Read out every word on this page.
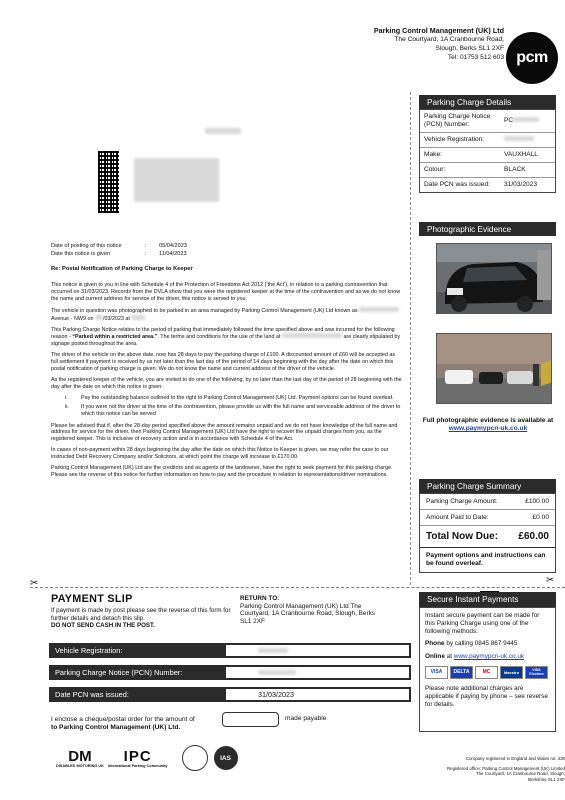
Parking Control Management (UK) Ltd
The Courtyard, 1A Cranbourne Road,
Slough, Berks SL1 2XF
Tel: 01753 512 603 pcm
Date of posting of this notice	: 05/04/2023
Date this notice is given	: 11/04/2023
Re: Postal Notification of Parking Charge to Keeper

This notice is given to you in line with Schedule 4 of the Protection of Freedoms Act 2012 (‘the Act’), in relation to a parking contravention that occurred on 31/03/2023. Records from the DVLA show that you were the registered keeper at the time of the contravention and as we do not know the name and current address for service of the driver, this notice is served to you.

The vehicle in question was photographed to be parked in an area managed by Parking Control Management (UK) Ltd known as  Avenue - NW9 on /03/2023 at

This Parking Charge Notice relates to the period of parking that immediately followed the time specified above and was incurred for the following reason - “Parked within a restricted area.”. The terms and conditions for the use of the land at	are clearly stipulated by signage posted throughout the area.

The driver of the vehicle on the above date, now has 28 days to pay the parking charge of £100. A discounted amount of £60 will be accepted as full settlement if payment is received by us not later than the last day of the period of 14 days beginning with the day after the date on which this postal notification of parking charge is given. We do not know the name and current address of the driver of the vehicle.

As the registered keeper of the vehicle, you are invited to do one of the following, by no later than the last day of the period of 28 beginning with the day after the date on which this notice is given:

i.	Pay the outstanding balance outlined to the right to Parking Control Management (UK) Ltd. Payment options can be found overleaf.
ii.	If you were not the driver at the time of the contravention, please provide us with the full name and serviceable address of the driver to which this notice can be served

Please be advised that if, after the 28-day period specified above the amount remains unpaid and we do not have knowledge of the full name and address for service for the driver, then Parking Control Management (UK) Ltd have the right to recover the unpaid charges from you, as the registered keeper. This is inclusive of recovery action and is in accordance with Schedule 4 of the Act.

In cases of non-payment within 28 days beginning the day after the date on which this Notice to Keeper is given, we may refer the case to our instructed Debt Recovery Company and/or Solicitors, at which point the charge will increase to £170.00.

Parking Control Management (UK) Ltd are the creditors and as agents of the landowner, have the right to seek payment for this parking charge. Please see the reverse of this notice for further information on how to pay and the procedure in relation to representations/driver nominations.

Parking Charge Details
Parking Charge Notice (PCN) Number:
PC
Vehicle Registration:
Make:	VAUXHALL
Colour:	BLACK
Date PCN was issued:	31/03/2023
Photographic Evidence
Full photographic evidence is available at
www.paymypcn-uk.co.uk
Parking Charge Summary
Parking Charge Amount:	£100.00
Amount Paid to Date:	£0.00
Total Now Due: £60.00
Payment options and instructions can be found overleaf.
✂	✂
PAYMENT SLIP
If payment is made by post please see the reverse of this form for further details and detach this slip.
DO NOT SEND CASH IN THE POST.
RETURN TO:
Parking Control Management (UK) Ltd The Courtyard, 1A Cranbourne Road, Slough, Berks SL1 2XF
Vehicle Registration:
Parking Charge Notice (PCN) Number:
Date PCN was issued:	31/03/2023
I enclose a cheque/postal order for the amount of
to Parking Control Management (UK) Ltd.
made payable
Secure Instant Payments
Instant secure payment can be made for this Parking Charge using one of the following methods:
Phone by calling 0845 867 9445
Online at www.paymypcn-uk.co.uk
VISA	DELTA	MC	Maestro	VISA Electron
Please note additional charges are applicable if paying by phone – see reverse for details.
DM
DISABLED MOTORING UK
IPC
International Parking Community
IAS	Company registered in England and Wales no: 436
Registered office: Parking Control Management (UK) Limited
The Courtyard, 1A Cranbourne Road, Slough,
Berkshire SL1 2XF
